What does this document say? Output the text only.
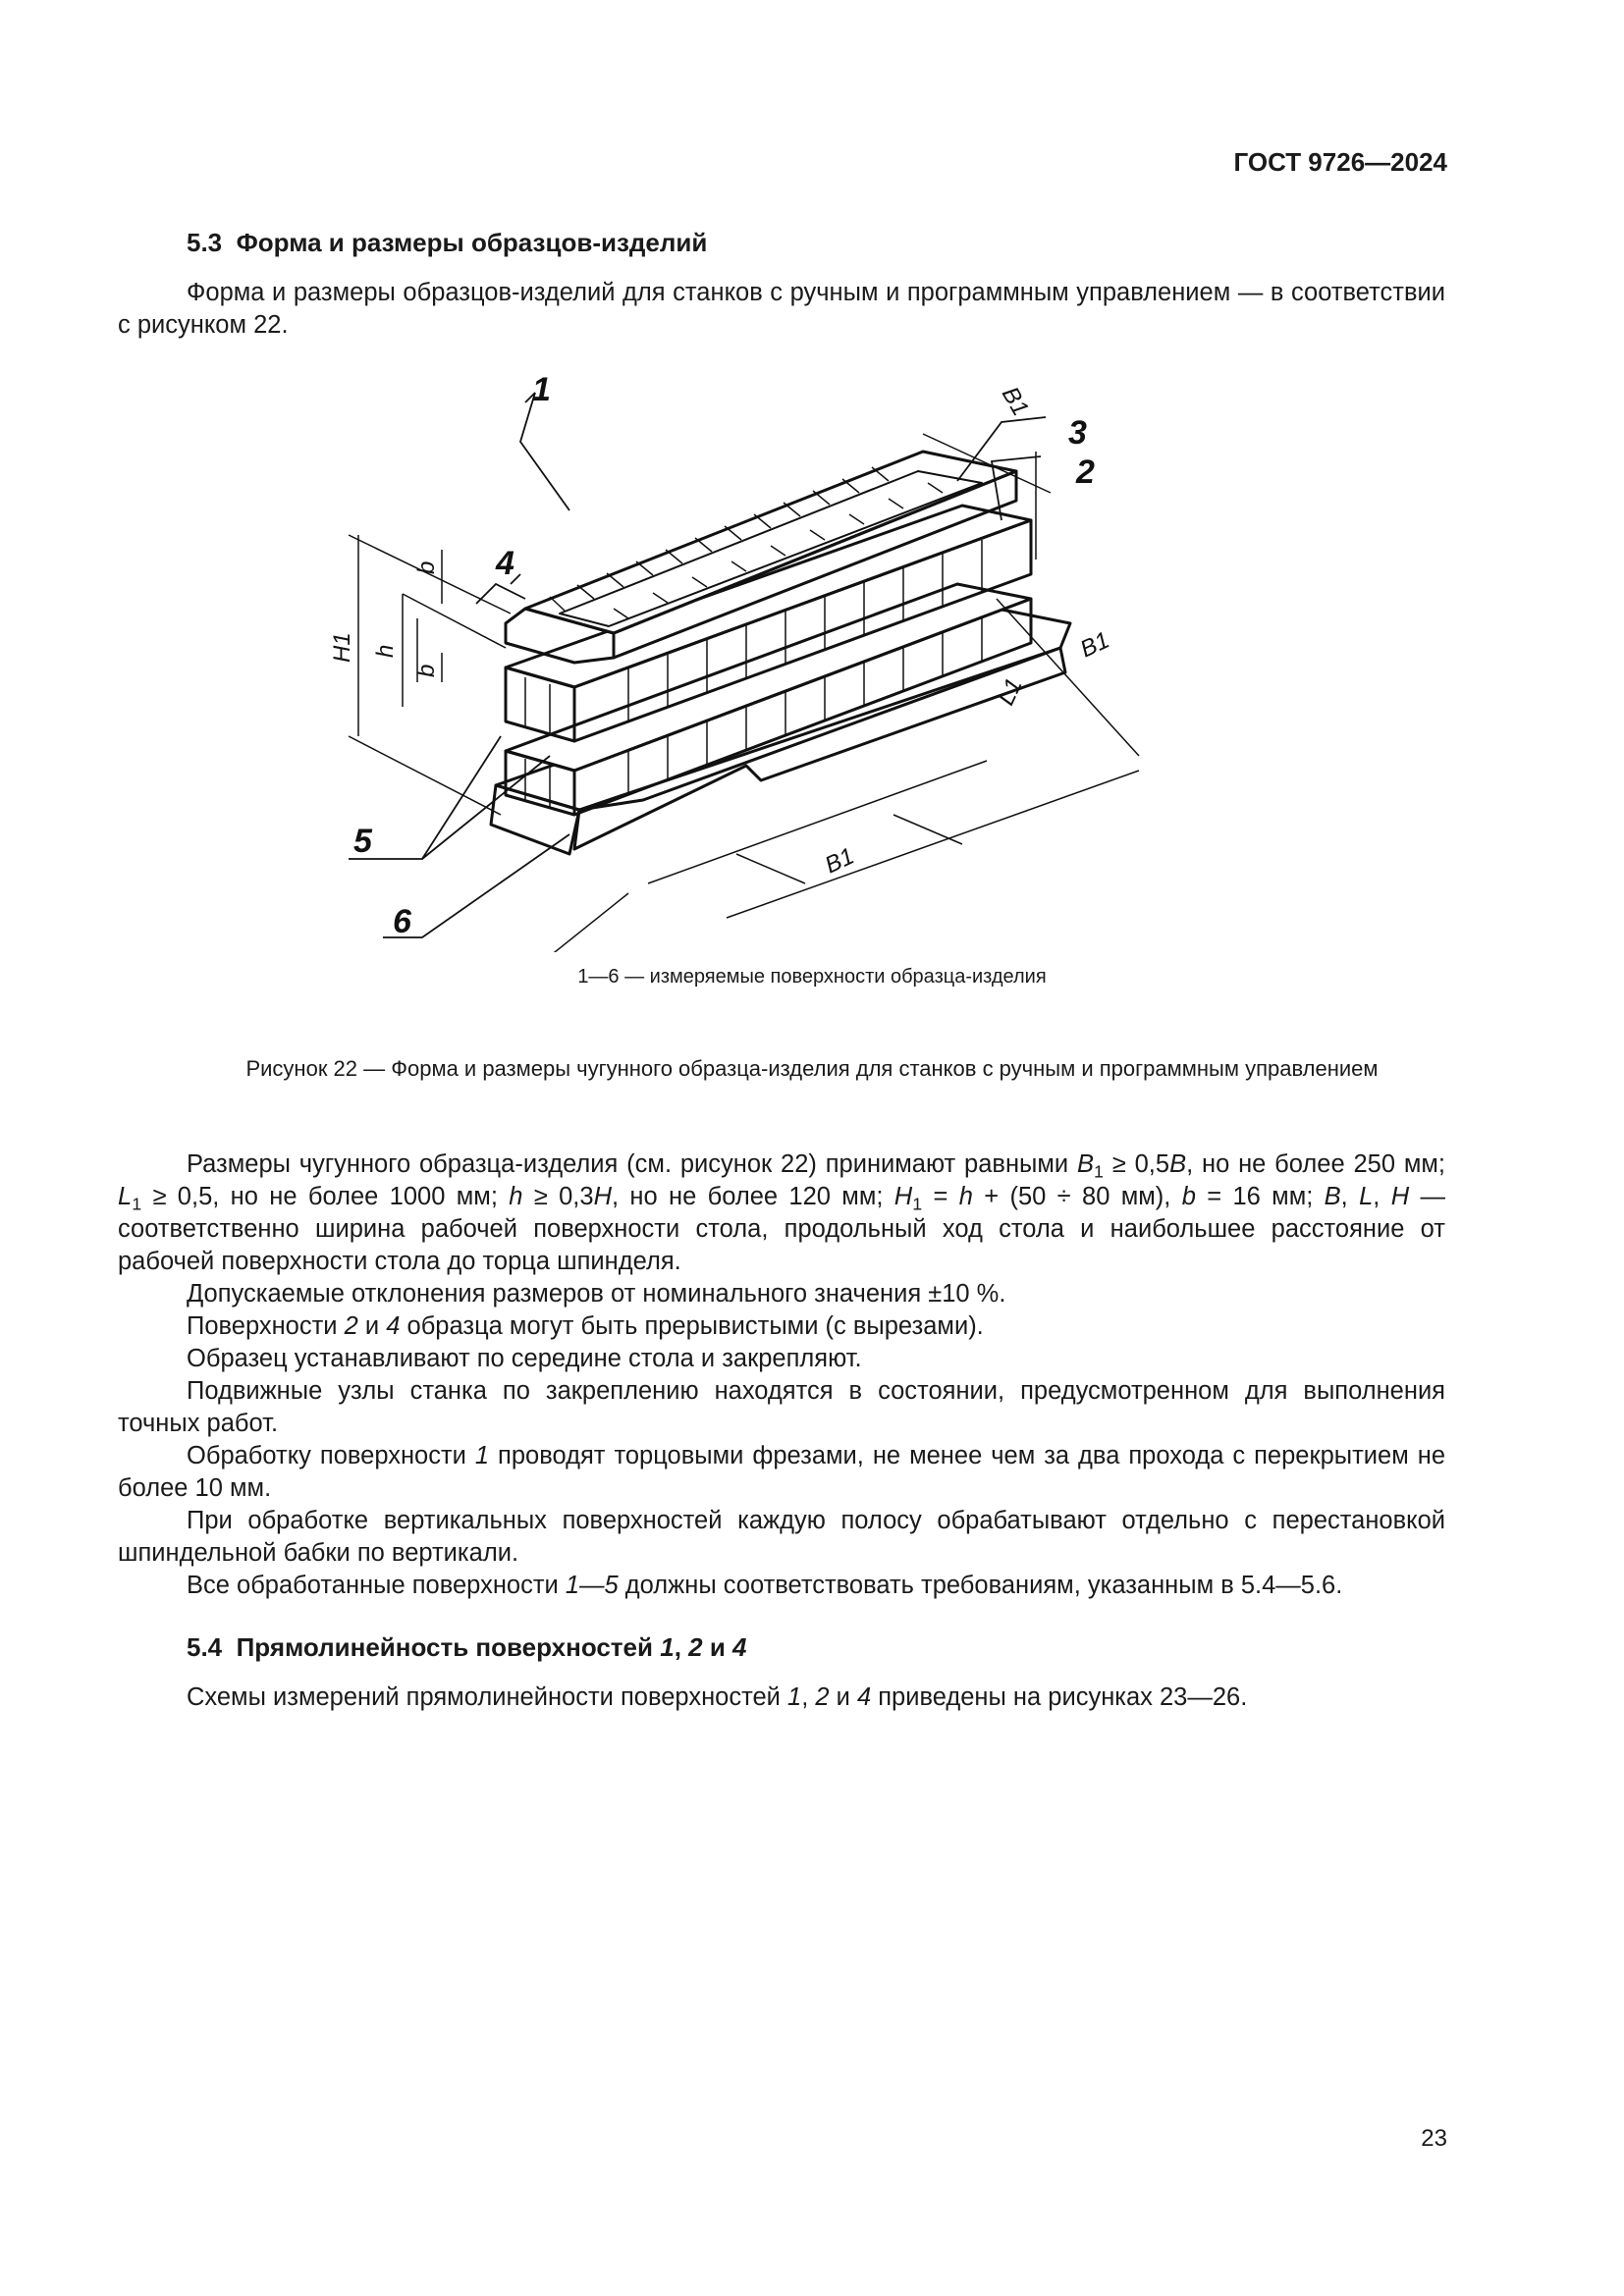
ГОСТ 9726—2024
5.3 Форма и размеры образцов-изделий

Форма и размеры образцов-изделий для станков с ручным и программным управлением — в соответствии с рисунком 22.

1
2
3
4
5
6
B1
B1
B1
L1
H1 h
b
b
1—6 — измеряемые поверхности образца-изделия
Рисунок 22 — Форма и размеры чугунного образца-изделия для станков с ручным и программным управлением

Размеры чугунного образца-изделия (см. рисунок 22) принимают равными $B_1 \ge 0,5B$, но не более 250 мм; $L_1 \ge 0,5$, но не более 1000 мм; h ≥ 0,3H, но не более 120 мм; $H_1 = h + (50 \div 80$ мм), b = 16 мм; B, L, H — соответственно ширина рабочей поверхности стола, продольный ход стола и наибольшее расстояние от рабочей поверхности стола до торца шпинделя.

Допускаемые отклонения размеров от номинального значения ±10 %.

Поверхности 2 и 4 образца могут быть прерывистыми (с вырезами).

Образец устанавливают по середине стола и закрепляют.

Подвижные узлы станка по закреплению находятся в состоянии, предусмотренном для выполнения точных работ.

Обработку поверхности 1 проводят торцовыми фрезами, не менее чем за два прохода с перекрытием не более 10 мм.

При обработке вертикальных поверхностей каждую полосу обрабатывают отдельно с перестановкой шпиндельной бабки по вертикали.

Все обработанные поверхности 1—5 должны соответствовать требованиям, указанным в 5.4—5.6.

5.4 Прямолинейность поверхностей 1, 2 и 4

Схемы измерений прямолинейности поверхностей 1, 2 и 4 приведены на рисунках 23—26.

23
